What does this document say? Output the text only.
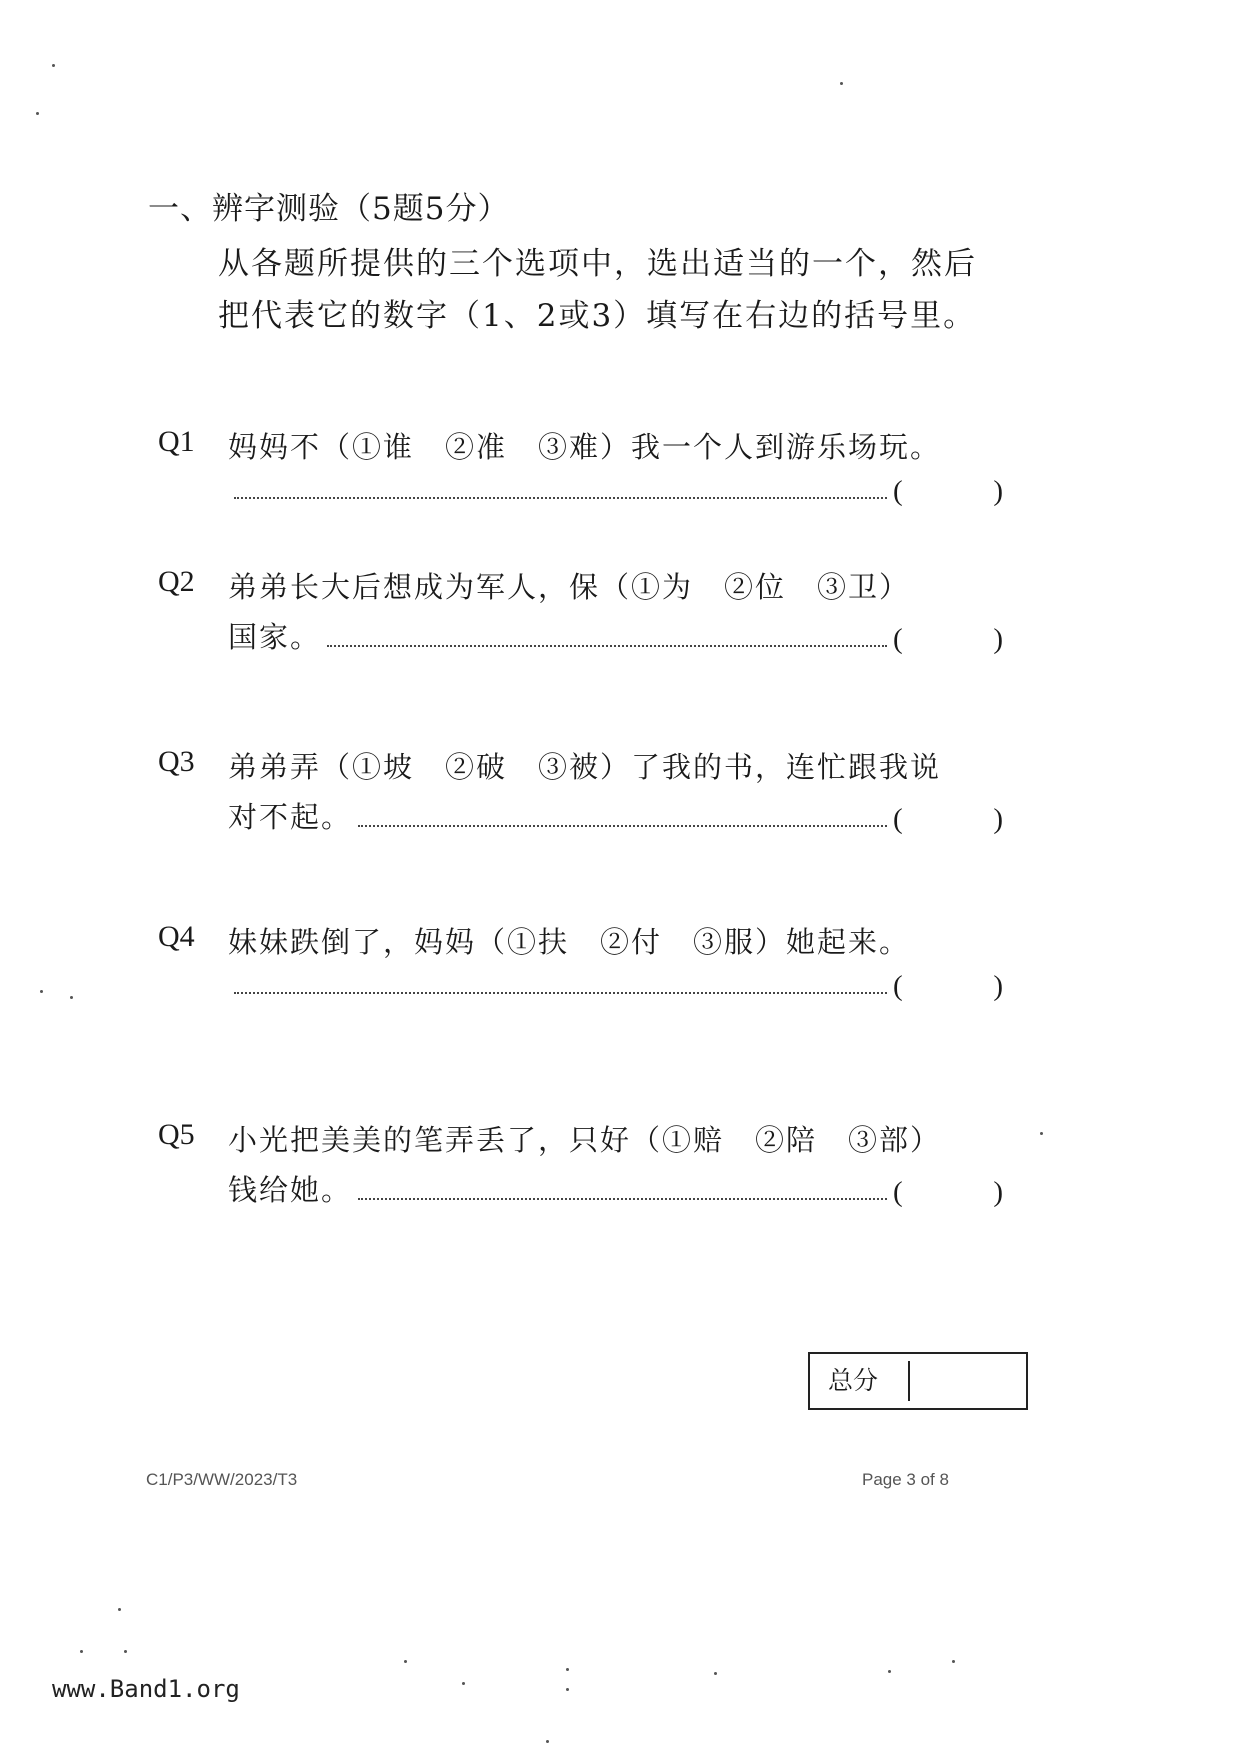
一、辨字测验（5题5分）
从各题所提供的三个选项中，选出适当的一个，然后
把代表它的数字（1、2或3）填写在右边的括号里。
Q1 妈妈不（①谁　②准　③难）我一个人到游乐场玩。
(	)
Q2 弟弟长大后想成为军人，保（①为　②位　③卫）
国家。	(	)
Q3 弟弟弄（①坡　②破　③被）了我的书，连忙跟我说
对不起。	(	)
Q4 妹妹跌倒了，妈妈（①扶　②付　③服）她起来。
(	)
Q5 小光把美美的笔弄丢了，只好（①赔　②陪　③部）
钱给她。	(	)
总分
C1/P3/WW/2023/T3	Page 3 of 8
www.Band1.org
